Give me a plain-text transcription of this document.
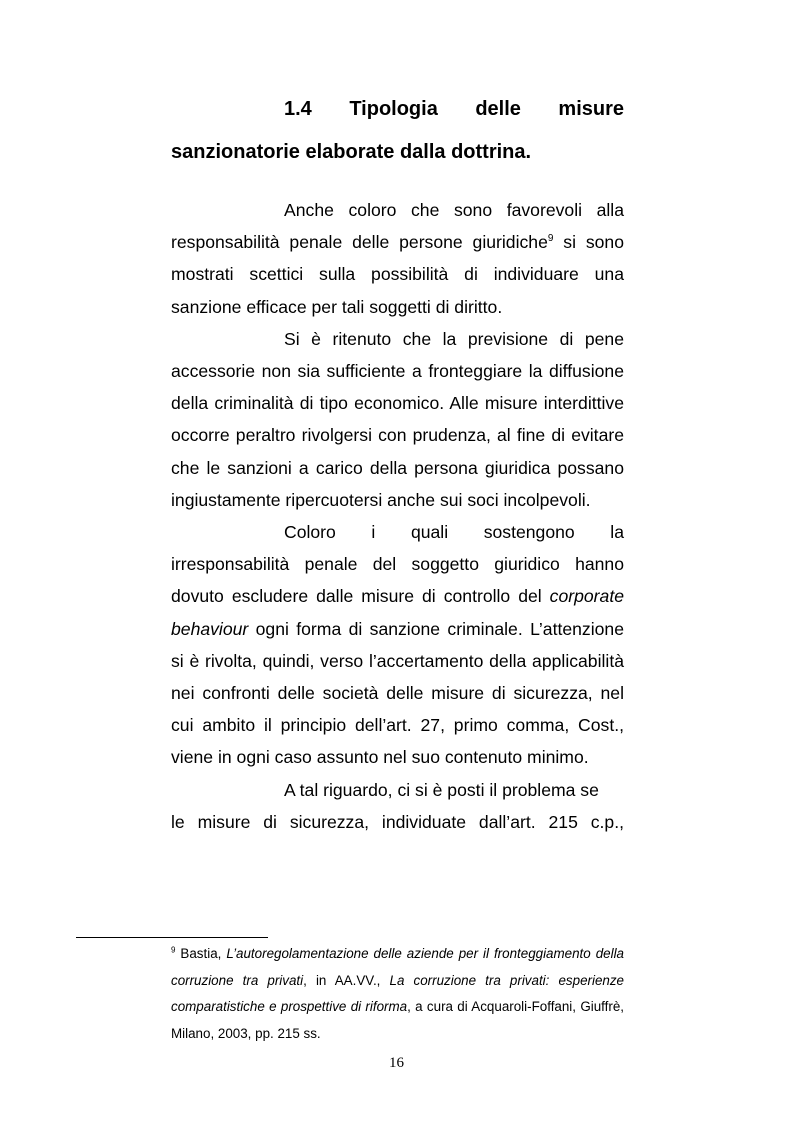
1.4 Tipologia delle misure
sanzionatorie elaborate dalla dottrina.

Anche coloro che sono favorevoli alla responsabilità penale delle persone giuridiche$^9$ si sono mostrati scettici sulla possibilità di individuare una sanzione efficace per tali soggetti di diritto.

Si è ritenuto che la previsione di pene accessorie non sia sufficiente a fronteggiare la diffusione della criminalità di tipo economico. Alle misure interdittive occorre peraltro rivolgersi con prudenza, al fine di evitare che le sanzioni a carico della persona giuridica possano ingiustamente ripercuotersi anche sui soci incolpevoli.

Coloro i quali sostengono la irresponsabilità penale del soggetto giuridico hanno dovuto escludere dalle misure di controllo del corporate behaviour ogni forma di sanzione criminale. L’attenzione si è rivolta, quindi, verso l’accertamento della applicabilità nei confronti delle società delle misure di sicurezza, nel cui ambito il principio dell’art. 27, primo comma, Cost., viene in ogni caso assunto nel suo contenuto minimo.

A tal riguardo, ci si è posti il problema se

le misure di sicurezza, individuate dall’art. 215 c.p.,

$^9$ Bastia, L’autoregolamentazione delle aziende per il fronteggiamento della corruzione tra privati, in AA.VV., La corruzione tra privati: esperienze comparatistiche e prospettive di riforma, a cura di Acquaroli-Foffani, Giuffrè, Milano, 2003, pp. 215 ss.
16
